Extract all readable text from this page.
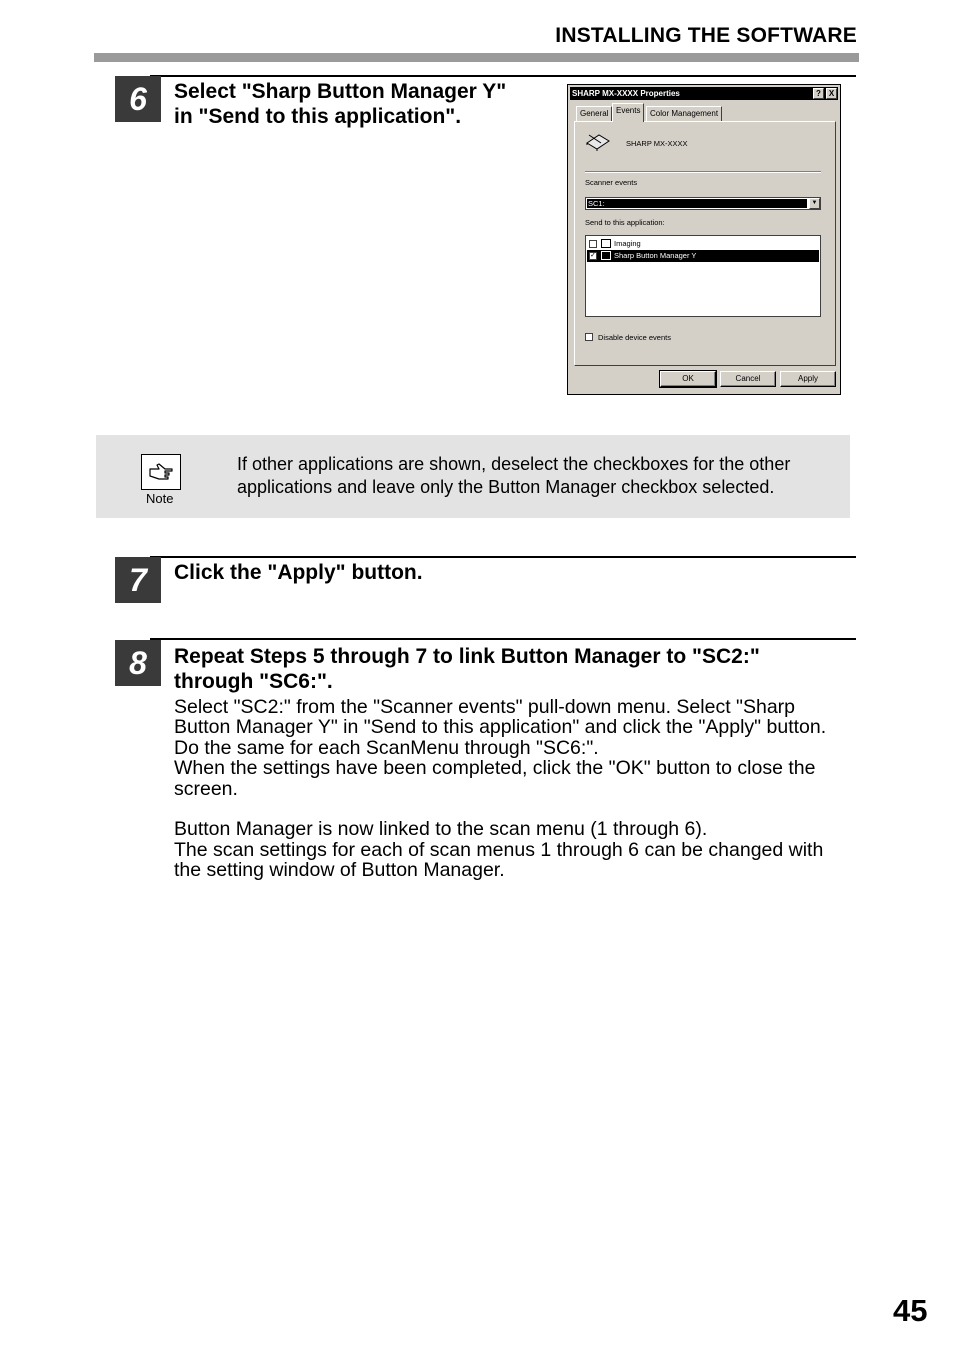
INSTALLING THE SOFTWARE
6	Select "Sharp Button Manager Y"
in "Send to this application".
SHARP MX-XXXX Properties	? X
General Events	Color Management
SHARP MX-XXXX
Scanner events
SC1:	▼
Send to this application:
Imaging
✓ Sharp Button Manager Y
Disable device events
OK	Cancel	Apply
Note
If other applications are shown, deselect the checkboxes for the other
applications and leave only the Button Manager checkbox selected.
7	Click the "Apply" button.
8	Repeat Steps 5 through 7 to link Button Manager to "SC2:"
through "SC6:".

Select "SC2:" from the "Scanner events" pull-down menu. Select "Sharp
Button Manager Y" in "Send to this application" and click the "Apply" button.
Do the same for each ScanMenu through "SC6:".
When the settings have been completed, click the "OK" button to close the
screen.

Button Manager is now linked to the scan menu (1 through 6).
The scan settings for each of scan menus 1 through 6 can be changed with
the setting window of Button Manager.

45
